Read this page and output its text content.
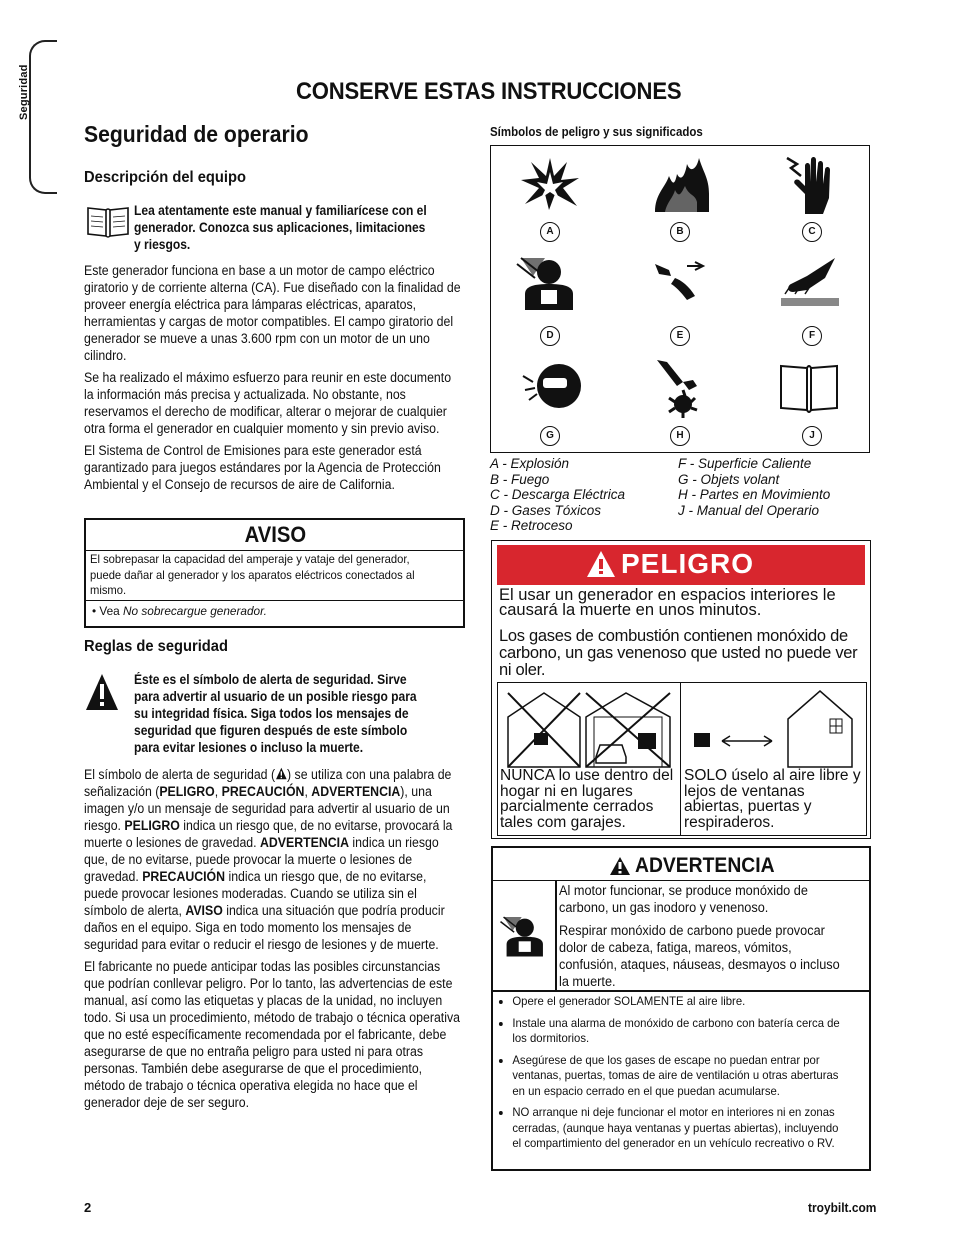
Seguridad	CONSERVE ESTAS INSTRUCCIONES
Seguridad de operario
Descripción del equipo
Lea atentamente este manual y familiarícese con el generador. Conozca sus aplicaciones, limitaciones y riesgos.

Este generador funciona en base a un motor de campo eléctrico giratorio y de corriente alterna (CA). Fue diseñado con la finalidad de proveer energía eléctrica para lámparas eléctricas, aparatos, herramientas y cargas de motor compatibles. El campo giratorio del generador se mueve a unas 3.600 rpm con un motor de un uno cilindro.

Se ha realizado el máximo esfuerzo para reunir en este documento la información más precisa y actualizada. No obstante, nos reservamos el derecho de modificar, alterar o mejorar de cualquier otra forma el generador en cualquier momento y sin previo aviso.

El Sistema de Control de Emisiones para este generador está garantizado para juegos estándares por la Agencia de Protección Ambiental y el Consejo de recursos de aire de California.

AVISO
El sobrepasar la capacidad del amperaje y vataje del generador, puede dañar al generador y los aparatos eléctricos conectados al mismo.
• Vea No sobrecargue generador.
Reglas de seguridad
Éste es el símbolo de alerta de seguridad. Sirve para advertir al usuario de un posible riesgo para su integridad física. Siga todos los mensajes de seguridad que figuren después de este símbolo para evitar lesiones o incluso la muerte.

El símbolo de alerta de seguridad ( ) se utiliza con una palabra de señalización (PELIGRO, PRECAUCIÓN, ADVERTENCIA), una imagen y/o un mensaje de seguridad para advertir al usuario de un riesgo. PELIGRO indica un riesgo que, de no evitarse, provocará la muerte o lesiones de gravedad. ADVERTENCIA indica un riesgo que, de no evitarse, puede provocar la muerte o lesiones de gravedad. PRECAUCIÓN indica un riesgo que, de no evitarse, puede provocar lesiones moderadas. Cuando se utiliza sin el símbolo de alerta, AVISO indica una situación que podría producir daños en el equipo. Siga en todo momento los mensajes de seguridad para evitar o reducir el riesgo de lesiones y de muerte.

El fabricante no puede anticipar todas las posibles circunstancias que podrían conllevar peligro. Por lo tanto, las advertencias de este manual, así como las etiquetas y placas de la unidad, no incluyen todo. Si usa un procedimiento, método de trabajo o técnica operativa que no esté específicamente recomendada por el fabricante, debe asegurarse de que no entraña peligro para usted ni para otras personas. También debe asegurarse de que el procedimiento, método de trabajo o técnica operativa elegida no hace que el generador deje de ser seguro.

Símbolos de peligro y sus significados
A	B	C
D	E	F
G	H	J
A - Explosión
B - Fuego
C - Descarga Eléctrica
D - Gases Tóxicos
E - Retroceso
F - Superficie Caliente
G - Objets volant
H - Partes en Movimiento
J - Manual del Operario
PELIGRO
El usar un generador en espacios interiores le causará la muerte en unos minutos.
Los gases de combustión contienen monóxido de carbono, un gas venenoso que usted no puede ver ni oler.
NUNCA lo use dentro del hogar ni en lugares parcialmente cerrados tales com garajes.
SOLO úselo al aire libre y lejos de ventanas abiertas, puertas y respiraderos.
ADVERTENCIA
Al motor funcionar, se produce monóxido de carbono, un gas inodoro y venenoso.
Respirar monóxido de carbono puede provocar dolor de cabeza, fatiga, mareos, vómitos, confusión, ataques, náuseas, desmayos o incluso la muerte.
• Opere el generador SOLAMENTE al aire libre.
• Instale una alarma de monóxido de carbono con batería cerca de los dormitorios.
• Asegúrese de que los gases de escape no puedan entrar por ventanas, puertas, tomas de aire de ventilación u otras aberturas en un espacio cerrado en el que puedan acumularse.
• NO arranque ni deje funcionar el motor en interiores ni en zonas cerradas, (aunque haya ventanas y puertas abiertas), incluyendo el compartimiento del generador en un vehículo recreativo o RV.
2	troybilt.com
